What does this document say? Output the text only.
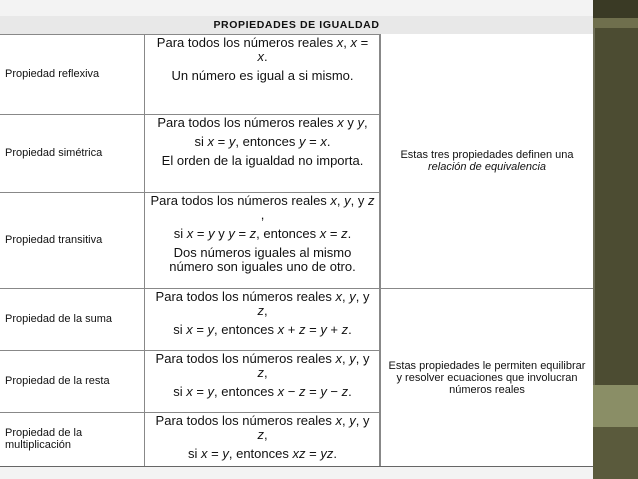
PROPIEDADES DE IGUALDAD
Propiedad reflexiva

Para todos los números reales x, x = x.

Un número es igual a si mismo.

Propiedad simétrica

Para todos los números reales x y y,

si x = y, entonces y = x.

El orden de la igualdad no importa.

Propiedad transitiva

Para todos los números reales x, y, y z ,

si x = y y y = z, entonces x = z.

Dos números iguales al mismo número son iguales uno de otro.

Propiedad de la suma

Para todos los números reales x, y, y z,

si x = y, entonces x + z = y + z.

Propiedad de la resta

Para todos los números reales x, y, y z,

si x = y, entonces x − z = y − z.

Propiedad de la multiplicación

Para todos los números reales x, y, y z,

si x = y, entonces xz = yz.

Estas tres propiedades definen una relación de equivalencia
Estas propiedades le permiten equilibrar y resolver ecuaciones que involucran números reales
